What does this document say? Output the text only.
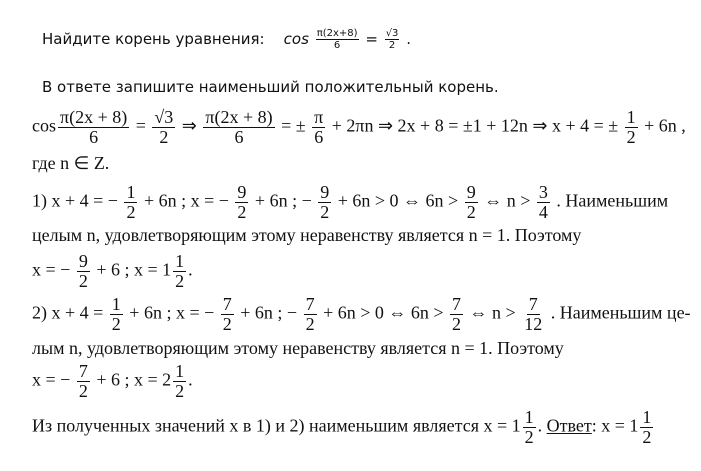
Найдите корень уравнения: $\cos \frac{\pi(2x+8)}{6} = \frac{√3}{2}$ .
В ответе запишите наименьший положительный корень.
$\cos \frac{\pi(2x + 8)}{6} = \frac{√3}{2}$ ⇒ $\frac{\pi(2x + 8)}{6}$ = ± $\frac{\pi}{6} + 2\pi n$ ⇒ 2x + 8 = ±1 + 12n ⇒ x + 4 = ± $\frac{1}{2} + 6n$ ,
где n ∈ Z.
1) x + 4 = − $\frac{1}{2} + 6n$ ; x = − $\frac{9}{2} + 6n$ ; − $\frac{9}{2} + 6n > 0$ ⇔ $6n > \frac{9}{2}$ ⇔ $n > \frac{3}{4}$ . Наименьшим
целым n, удовлетворяющим этому неравенству является n = 1. Поэтому
x = − $\frac{9}{2} + 6$ ; $x = 1 \frac{1}{2}$ .
2) $x + 4 = \frac{1}{2} + 6n$ ; x = − $\frac{7}{2} + 6n$ ; − $\frac{7}{2} + 6n > 0$ ⇔ $6n > \frac{7}{2}$ ⇔ $n > \frac{7}{12}$ . Наименьшим це-
лым n, удовлетворяющим этому неравенству является n = 1. Поэтому
x = − $\frac{7}{2} + 6$ ; $x = 2 \frac{1}{2}$ .
Из полученных значений x в 1) и 2) наименьшим является $x = 1 \frac{1}{2}$ . Ответ: $x = 1 \frac{1}{2}$
